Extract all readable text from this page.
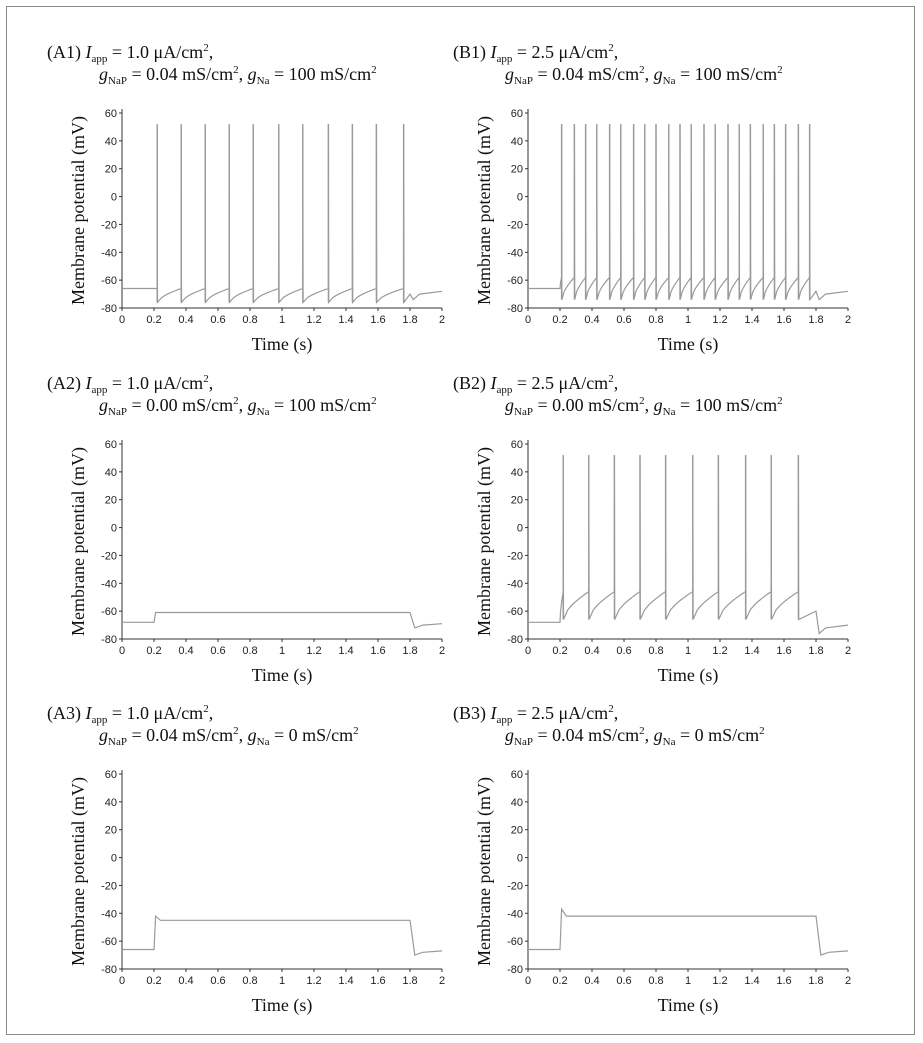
(A1) $I_{app} = 1.0$ $\mu A/cm^2$,
$g_{NaP} = 0.04$ $mS/cm^2$, $g_{Na} = 100$ $mS/cm^2$
60
40
20
0
-20
-40
-60
-80
0 0.2 0.4 0.6 0.8 1 1.2 1.4 1.6 1.8 2
Time (s)
Membrane potential (mV)
(B1) $I_{app} = 2.5$ $\mu A/cm^2$,
$g_{NaP} = 0.04$ $mS/cm^2$, $g_{Na} = 100$ $mS/cm^2$
60
40
20
0
-20
-40
-60
-80
0 0.2 0.4 0.6 0.8 1 1.2 1.4 1.6 1.8 2
Time (s)
Membrane potential (mV)
(A2) $I_{app} = 1.0$ $\mu A/cm^2$,
$g_{NaP} = 0.00$ $mS/cm^2$, $g_{Na} = 100$ $mS/cm^2$
60
40
20
0
-20
-40
-60
-80
0 0.2 0.4 0.6 0.8 1 1.2 1.4 1.6 1.8 2
Time (s)
Membrane potential (mV)
(B2) $I_{app} = 2.5$ $\mu A/cm^2$,
$g_{NaP} = 0.00$ $mS/cm^2$, $g_{Na} = 100$ $mS/cm^2$
60
40
20
0
-20
-40
-60
-80
0 0.2 0.4 0.6 0.8 1 1.2 1.4 1.6 1.8 2
Time (s)
Membrane potential (mV)
(A3) $I_{app} = 1.0$ $\mu A/cm^2$,
$g_{NaP} = 0.04$ $mS/cm^2$, $g_{Na} = 0$ $mS/cm^2$
60
40
20
0
-20
-40
-60
-80
0 0.2 0.4 0.6 0.8 1 1.2 1.4 1.6 1.8 2
Time (s)
Membrane potential (mV)
(B3) $I_{app} = 2.5$ $\mu A/cm^2$,
$g_{NaP} = 0.04$ $mS/cm^2$, $g_{Na} = 0$ $mS/cm^2$
60
40
20
0
-20
-40
-60
-80
0 0.2 0.4 0.6 0.8 1 1.2 1.4 1.6 1.8 2
Time (s)
Membrane potential (mV)
